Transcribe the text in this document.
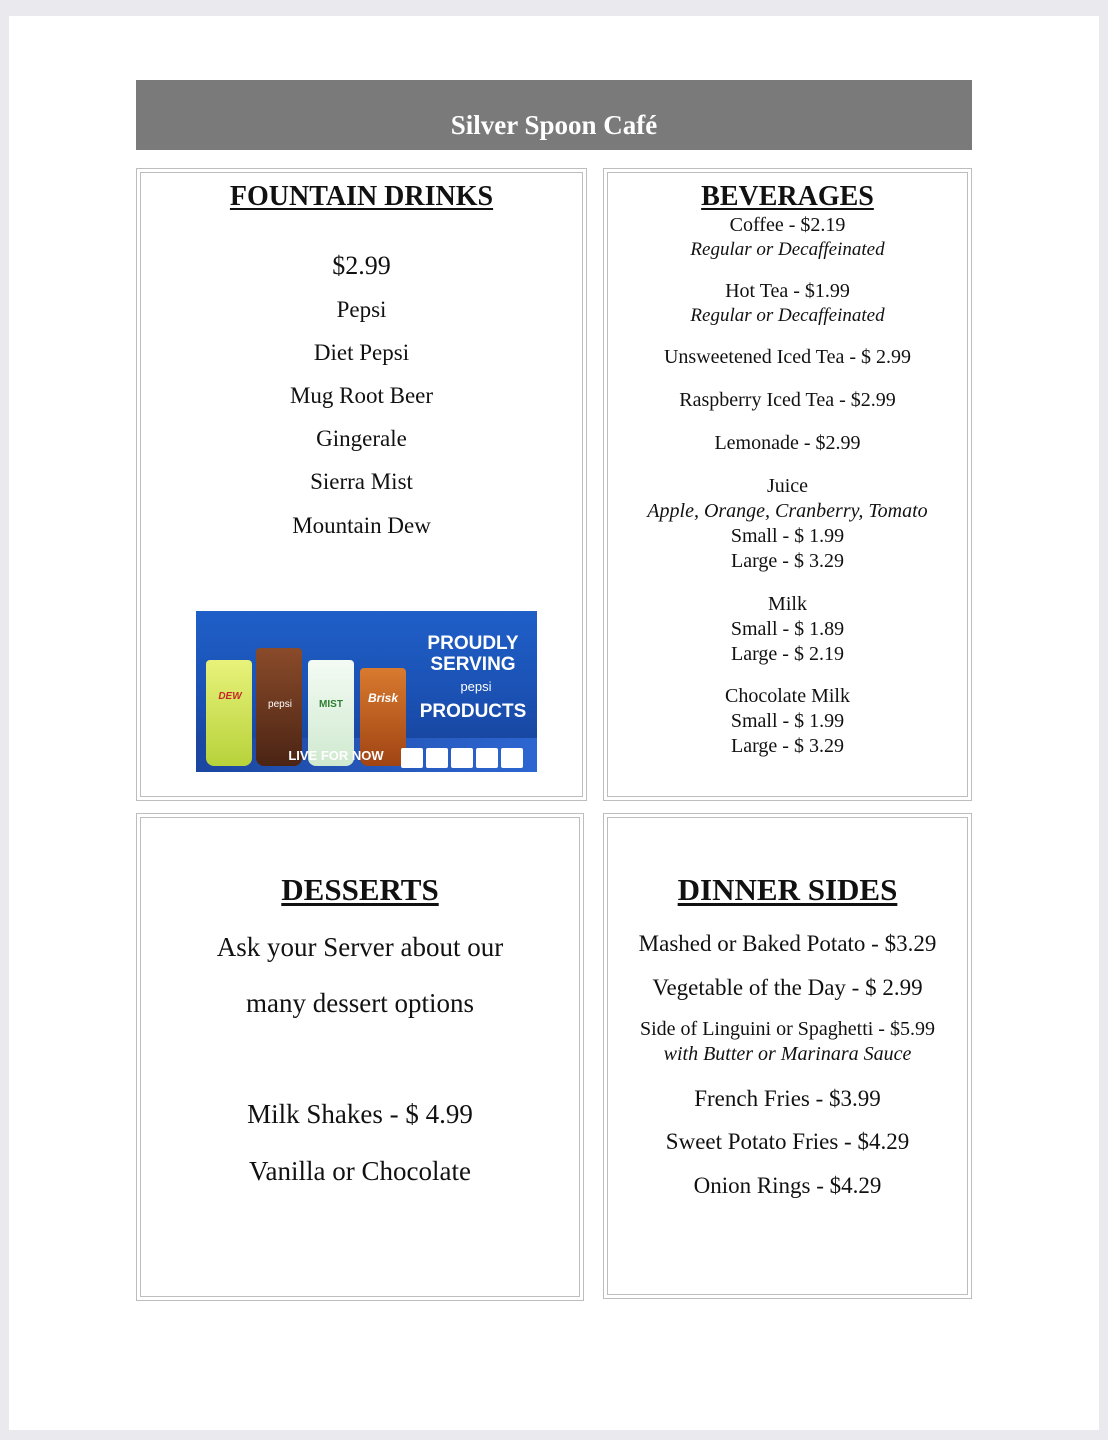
Silver Spoon Café
FOUNTAIN DRINKS
$2.99
Pepsi
Diet Pepsi
Mug Root Beer
Gingerale
Sierra Mist
Mountain Dew
DEW
pepsi	MIST	Brisk
PROUDLY
SERVING
pepsi
PRODUCTS
LIVE FOR NOW
BEVERAGES
Coffee - $2.19
Regular or Decaffeinated
Hot Tea - $1.99
Regular or Decaffeinated
Unsweetened Iced Tea - $ 2.99
Raspberry Iced Tea - $2.99
Lemonade - $2.99
Juice
Apple, Orange, Cranberry, Tomato
Small - $ 1.99
Large - $ 3.29
Milk
Small - $ 1.89
Large - $ 2.19
Chocolate Milk
Small - $ 1.99
Large - $ 3.29
DESSERTS
Ask your Server about our
many dessert options
Milk Shakes - $ 4.99
Vanilla or Chocolate
DINNER SIDES
Mashed or Baked Potato - $3.29
Vegetable of the Day - $ 2.99
Side of Linguini or Spaghetti - $5.99
with Butter or Marinara Sauce
French Fries - $3.99
Sweet Potato Fries - $4.29
Onion Rings - $4.29
